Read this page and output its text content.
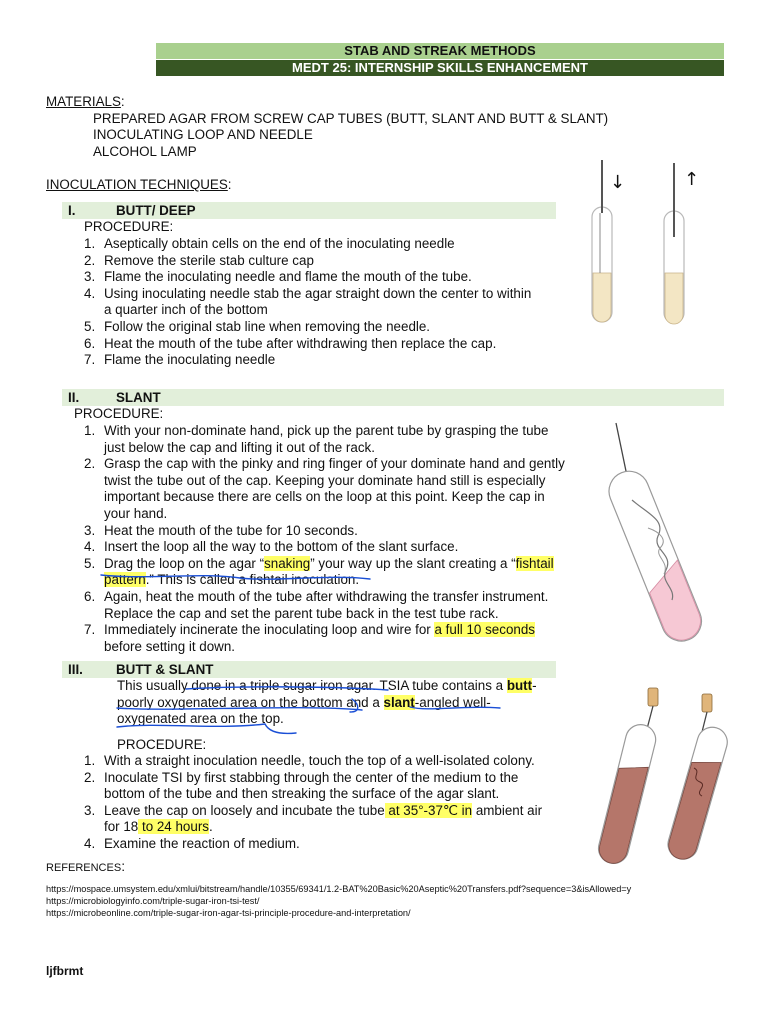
STAB AND STREAK METHODS
MEDT 25: INTERNSHIP SKILLS ENHANCEMENT
MATERIALS:
PREPARED AGAR FROM SCREW CAP TUBES (BUTT, SLANT AND BUTT & SLANT)
INOCULATING LOOP AND NEEDLE
ALCOHOL LAMP
INOCULATION TECHNIQUES:
I.	BUTT/ DEEP
PROCEDURE:
1. Aseptically obtain cells on the end of the inoculating needle
2. Remove the sterile stab culture cap
3. Flame the inoculating needle and flame the mouth of the tube.
4. Using inoculating needle stab the agar straight down the center to within
a quarter inch of the bottom
5. Follow the original stab line when removing the needle.
6. Heat the mouth of the tube after withdrawing then replace the cap.
7. Flame the inoculating needle
II.	SLANT
PROCEDURE:
1. With your non-dominate hand, pick up the parent tube by grasping the tube
just below the cap and lifting it out of the rack.
2. Grasp the cap with the pinky and ring finger of your dominate hand and gently
twist the tube out of the cap. Keeping your dominate hand still is especially
important because there are cells on the loop at this point. Keep the cap in
your hand.
3. Heat the mouth of the tube for 10 seconds.
4. Insert the loop all the way to the bottom of the slant surface.
5. Drag the loop on the agar “snaking” your way up the slant creating a “fishtail
pattern.” This is called a fishtail inoculation.
6. Again, heat the mouth of the tube after withdrawing the transfer instrument.
Replace the cap and set the parent tube back in the test tube rack.
7. Immediately incinerate the inoculating loop and wire for a full 10 seconds
before setting it down.
III. BUTT & SLANT
This usually done in a triple sugar iron agar. TSIA tube contains a butt-
poorly oxygenated area on the bottom and a slant-angled well-
oxygenated area on the top.
PROCEDURE:
1. With a straight inoculation needle, touch the top of a well-isolated colony.
2. Inoculate TSI by first stabbing through the center of the medium to the
bottom of the tube and then streaking the surface of the agar slant.
3. Leave the cap on loosely and incubate the tube at 35°-37℃ in ambient air
for 18 to 24 hours.
4. Examine the reaction of medium.
REFERENCES:
https://mospace.umsystem.edu/xmlui/bitstream/handle/10355/69341/1.2-BAT%20Basic%20Aseptic%20Transfers.pdf?sequence=3&isAllowed=y
https://microbiologyinfo.com/triple-sugar-iron-tsi-test/
https://microbeonline.com/triple-sugar-iron-agar-tsi-principle-procedure-and-interpretation/
ljfbrmt
↓	↑
